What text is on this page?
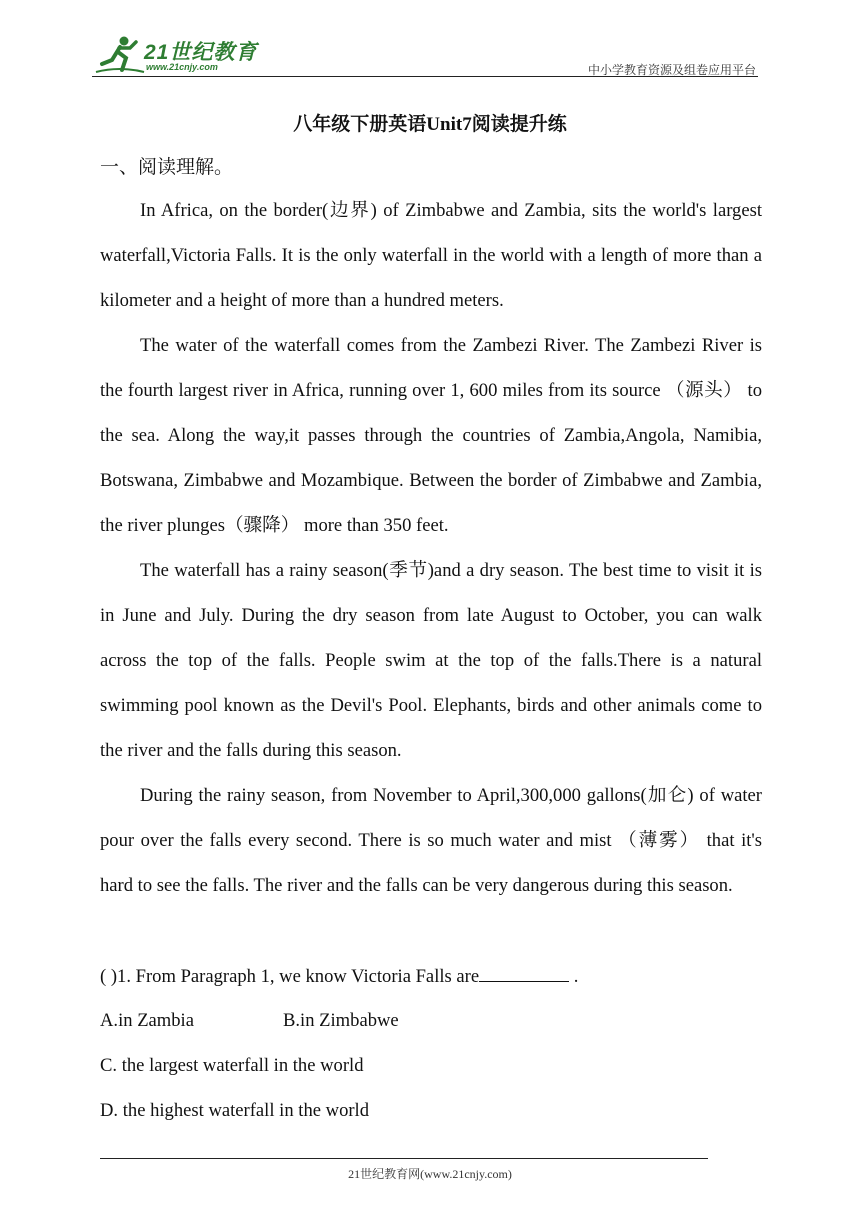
21世纪教育
www.21cnjy.com	中小学教育资源及组卷应用平台
八年级下册英语Unit7阅读提升练
一、阅读理解。

In Africa, on the border(边界) of Zimbabwe and Zambia, sits the world's largest waterfall,Victoria Falls. It is the only waterfall in the world with a length of more than a kilometer and a height of more than a hundred meters.

The water of the waterfall comes from the Zambezi River. The Zambezi River is the fourth largest river in Africa, running over 1, 600 miles from its source （源头） to the sea. Along the way,it passes through the countries of Zambia,Angola, Namibia, Botswana, Zimbabwe and Mozambique. Between the border of Zimbabwe and Zambia, the river plunges（骤降） more than 350 feet.

The waterfall has a rainy season(季节)and a dry season. The best time to visit it is in June and July. During the dry season from late August to October, you can walk across the top of the falls. People swim at the top of the falls.There is a natural swimming pool known as the Devil's Pool. Elephants, birds and other animals come to the river and the falls during this season.

During the rainy season, from November to April,300,000 gallons(加仑) of water pour over the falls every second. There is so much water and mist （薄雾） that it's hard to see the falls. The river and the falls can be very dangerous during this season.

( )1. From Paragraph 1, we know Victoria Falls are	.
A.in Zambia	B.in Zimbabwe
C. the largest waterfall in the world
D. the highest waterfall in the world
21世纪教育网(www.21cnjy.com)
